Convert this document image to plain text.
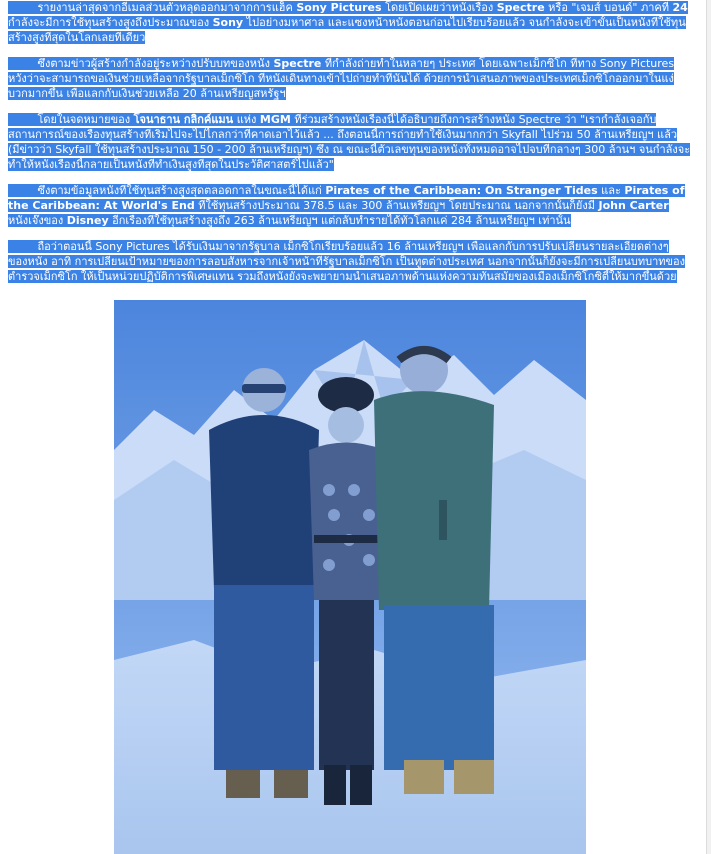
รายงานล่าสุดจากอีเมลส่วนตัวหลุดออกมาจากการแฮ็ค Sony Pictures โดยเปิดเผยว่าหนังเรื่อง Spectre หรือ "เจมส์ บอนด์" ภาคที่ 24 กำลังจะมีการใช้ทุนสร้างสูงถึงประมาณของ Sony ไปอย่างมหาศาล และแซงหน้าหนังตอนก่อนไปเรียบร้อยแล้ว จนกำลังจะเข้าขั้นเป็นหนังที่ใช้ทุนสร้างสูงที่สุดในโลกเลยทีเดียว

ซึ่งตามข่าวผู้สร้างกำลังอยู่ระหว่างปรับบทของหนัง Spectre ที่กำลังถ่ายทำในหลายๆ ประเทศ โดยเฉพาะเม็กซิโก ที่ทาง Sony Pictures หวังว่าจะสามารถขอเงินช่วยเหลือจากรัฐบาลเม็กซิโก ที่หนังเดินทางเข้าไปถ่ายทำที่นั่นได้ ด้วยการนำเสนอภาพของประเทศเม็กซิโกออกมาในแง่บวกมากขึ้น เพื่อแลกกับเงินช่วยเหลือ 20 ล้านเหรียญสหรัฐฯ

โดยในจดหมายของ โจนาธาน กลิกค์แมน แห่ง MGM ที่ร่วมสร้างหนังเรื่องนี้ได้อธิบายถึงการสร้างหนัง Spectre ว่า "เรากำลังเจอกับสถานการณ์ของเรื่องทุนสร้างที่เริ่มไปจะไปไกลกว่าที่คาดเอาไว้แล้ว ... ถึงตอนนี้การถ่ายทำใช้เงินมากกว่า Skyfall ไปร่วม 50 ล้านเหรียญฯ แล้ว (มีข่าวว่า Skyfall ใช้ทุนสร้างประมาณ 150 - 200 ล้านเหรียญฯ) ซึ่ง ณ ขณะนี้ตัวเลขทุนของหนังทั้งหมดอาจไปจบที่กลางๆ 300 ล้านฯ จนกำลังจะทำให้หนังเรื่องนี้กลายเป็นหนังที่ทำเงินสูงที่สุดในประวัติศาสตร์ไปแล้ว"

ซึ่งตามข้อมูลหนังที่ใช้ทุนสร้างสูงสุดตลอดกาลในขณะนี้ได้แก่ Pirates of the Caribbean: On Stranger Tides และ Pirates of the Caribbean: At World's End ที่ใช้ทุนสร้างประมาณ 378.5 และ 300 ล้านเหรียญฯ โดยประมาณ นอกจากนั้นก็ยังมี John Carter หนังเจ๊งของ Disney อีกเรื่องที่ใช้ทุนสร้างสูงถึง 263 ล้านเหรียญฯ แต่กลับทำรายได้ทั่วโลกแค่ 284 ล้านเหรียญฯ เท่านั้น

ถือว่าตอนนี้ Sony Pictures ได้รับเงินมาจากรัฐบาล เม็กซิโกเรียบร้อยแล้ว 16 ล้านเหรียญฯ เพื่อแลกกับการปรับเปลี่ยนรายละเอียดต่างๆ ของหนัง อาทิ การเปลี่ยนเป้าหมายของการลอบสังหารจากเจ้าหน้าที่รัฐบาลเม็กซิโก เป็นทูตต่างประเทศ นอกจากนั้นก็ยังจะมีการเปลี่ยนบทบาทของตำรวจเม็กซิโก ให้เป็นหน่วยปฏิบัติการพิเศษแทน รวมถึงหนังยังจะพยายามนำเสนอภาพด้านแห่งความทันสมัยของเมืองเม็กซิโกซิตี้ให้มากขึ้นด้วย
